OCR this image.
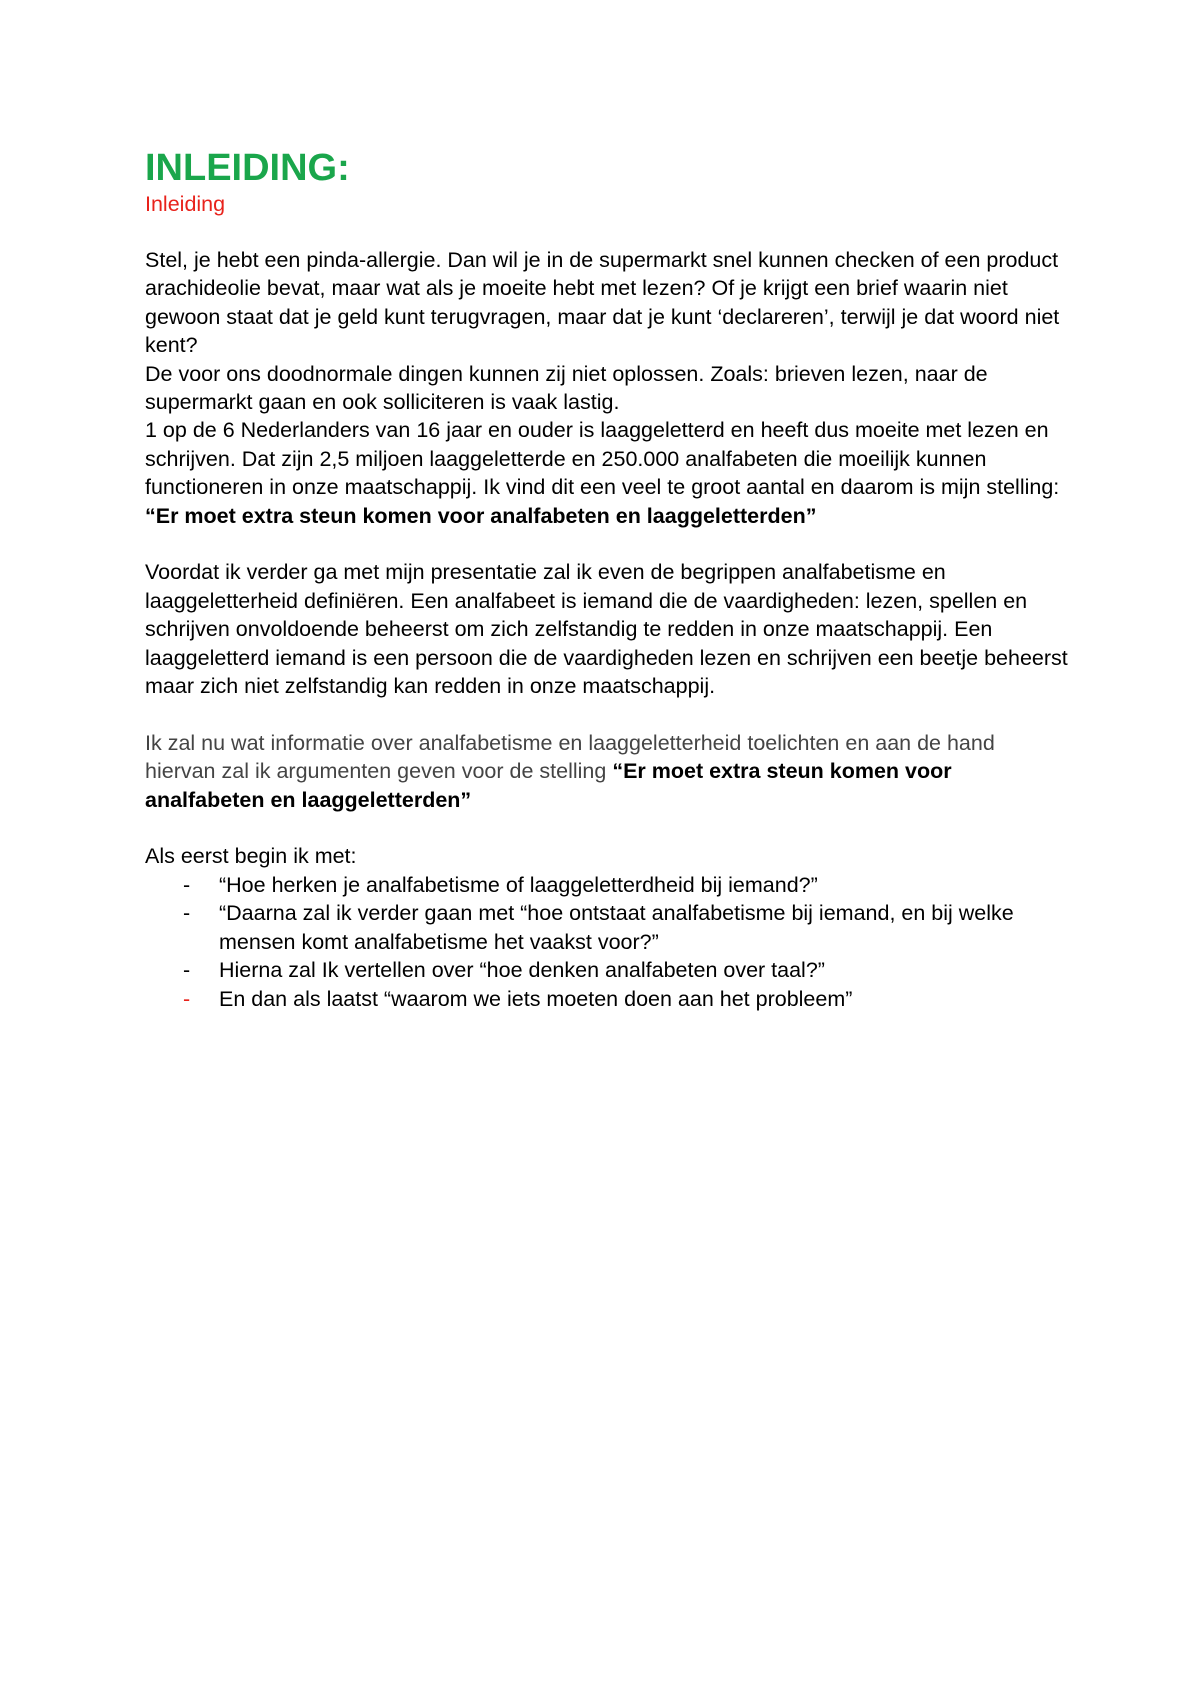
INLEIDING:
Inleiding

Stel, je hebt een pinda-allergie. Dan wil je in de supermarkt snel kunnen checken of een product arachideolie bevat, maar wat als je moeite hebt met lezen? Of je krijgt een brief waarin niet gewoon staat dat je geld kunt terugvragen, maar dat je kunt ‘declareren’, terwijl je dat woord niet kent?
De voor ons doodnormale dingen kunnen zij niet oplossen. Zoals: brieven lezen, naar de supermarkt gaan en ook solliciteren is vaak lastig.
1 op de 6 Nederlanders van 16 jaar en ouder is laaggeletterd en heeft dus moeite met lezen en schrijven. Dat zijn 2,5 miljoen laaggeletterde en 250.000 analfabeten die moeilijk kunnen functioneren in onze maatschappij. Ik vind dit een veel te groot aantal en daarom is mijn stelling: “Er moet extra steun komen voor analfabeten en laaggeletterden”

Voordat ik verder ga met mijn presentatie zal ik even de begrippen analfabetisme en laaggeletterheid definiëren. Een analfabeet is iemand die de vaardigheden: lezen, spellen en schrijven onvoldoende beheerst om zich zelfstandig te redden in onze maatschappij. Een laaggeletterd iemand is een persoon die de vaardigheden lezen en schrijven een beetje beheerst maar zich niet zelfstandig kan redden in onze maatschappij.

Ik zal nu wat informatie over analfabetisme en laaggeletterheid toelichten en aan de hand hiervan zal ik argumenten geven voor de stelling “Er moet extra steun komen voor analfabeten en laaggeletterden”

Als eerst begin ik met:

- “Hoe herken je analfabetisme of laaggeletterdheid bij iemand?”
- “Daarna zal ik verder gaan met “hoe ontstaat analfabetisme bij iemand, en bij welke mensen komt analfabetisme het vaakst voor?”
- Hierna zal Ik vertellen over “hoe denken analfabeten over taal?”
- En dan als laatst “waarom we iets moeten doen aan het probleem”
